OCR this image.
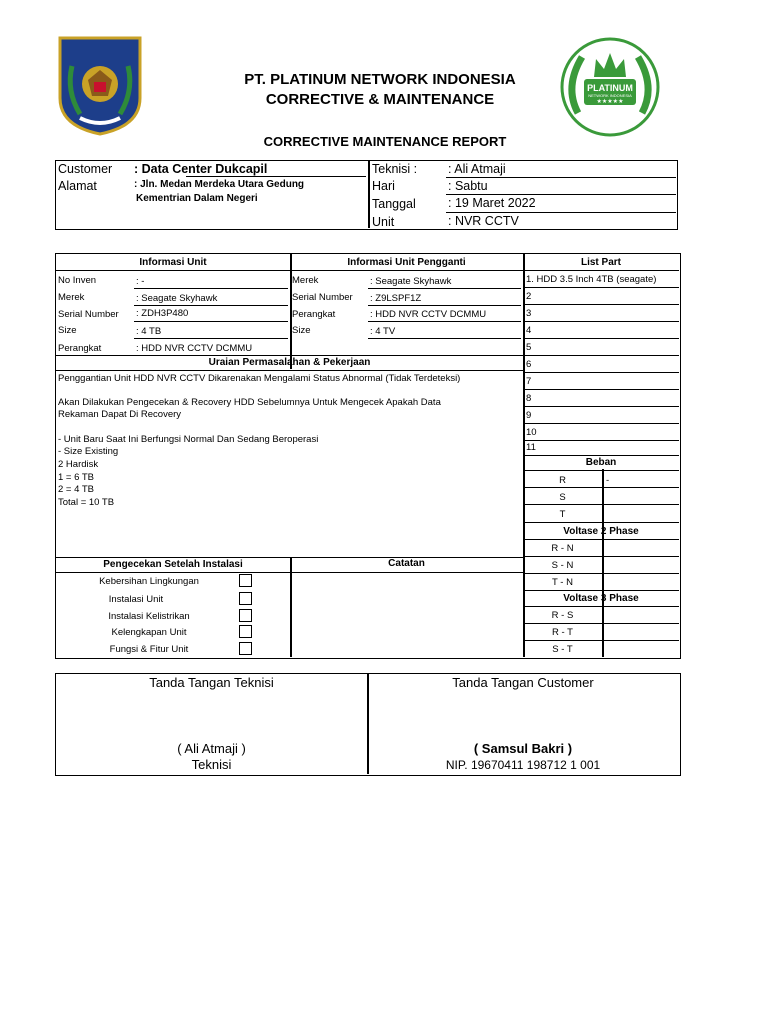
PT. PLATINUM NETWORK INDONESIA
CORRECTIVE & MAINTENANCE
PLATINUM
NETWORK INDONESIA
★★★★★
CORRECTIVE MAINTENANCE REPORT
Customer : Data Center Dukcapil
Alamat	: Jln. Medan Merdeka Utara Gedung
Kementrian Dalam Negeri
Teknisi : : Ali Atmaji
Hari	: Sabtu
Tanggal	: 19 Maret 2022
Unit	: NVR CCTV
Informasi Unit	Informasi Unit Pengganti	List Part
No Inven	: -
Merek	: Seagate Skyhawk
Serial Number : ZDH3P480
Size	: 4 TB
Perangkat	: HDD NVR CCTV DCMMU
Merek	: Seagate Skyhawk
Serial Number : Z9LSPF1Z
Perangkat	: HDD NVR CCTV DCMMU
Size	: 4 TV
Uraian Permasalahan & Pekerjaan
Penggantian Unit HDD NVR CCTV Dikarenakan Mengalami Status Abnormal (Tidak Terdeteksi)
Akan Dilakukan Pengecekan & Recovery HDD Sebelumnya Untuk Mengecek Apakah Data
Rekaman Dapat Di Recovery
- Unit Baru Saat Ini Berfungsi Normal Dan Sedang Beroperasi
- Size Existing
2 Hardisk
1 = 6 TB
2 = 4 TB
Total = 10 TB
1. HDD 3.5 Inch 4TB (seagate)
2
3
4
5
6
7
8
9
10
11
Beban
R	-
S
T
Voltase 2 Phase
R - N
S - N
T - N
Voltase 3 Phase
R - S
R - T
S - T
Pengecekan Setelah Instalasi	Catatan
Kebersihan Lingkungan
Instalasi Unit
Instalasi Kelistrikan
Kelengkapan Unit
Fungsi & Fitur Unit
Tanda Tangan Teknisi
( Ali Atmaji )
Teknisi
Tanda Tangan Customer
( Samsul Bakri )
NIP. 19670411 198712 1 001
